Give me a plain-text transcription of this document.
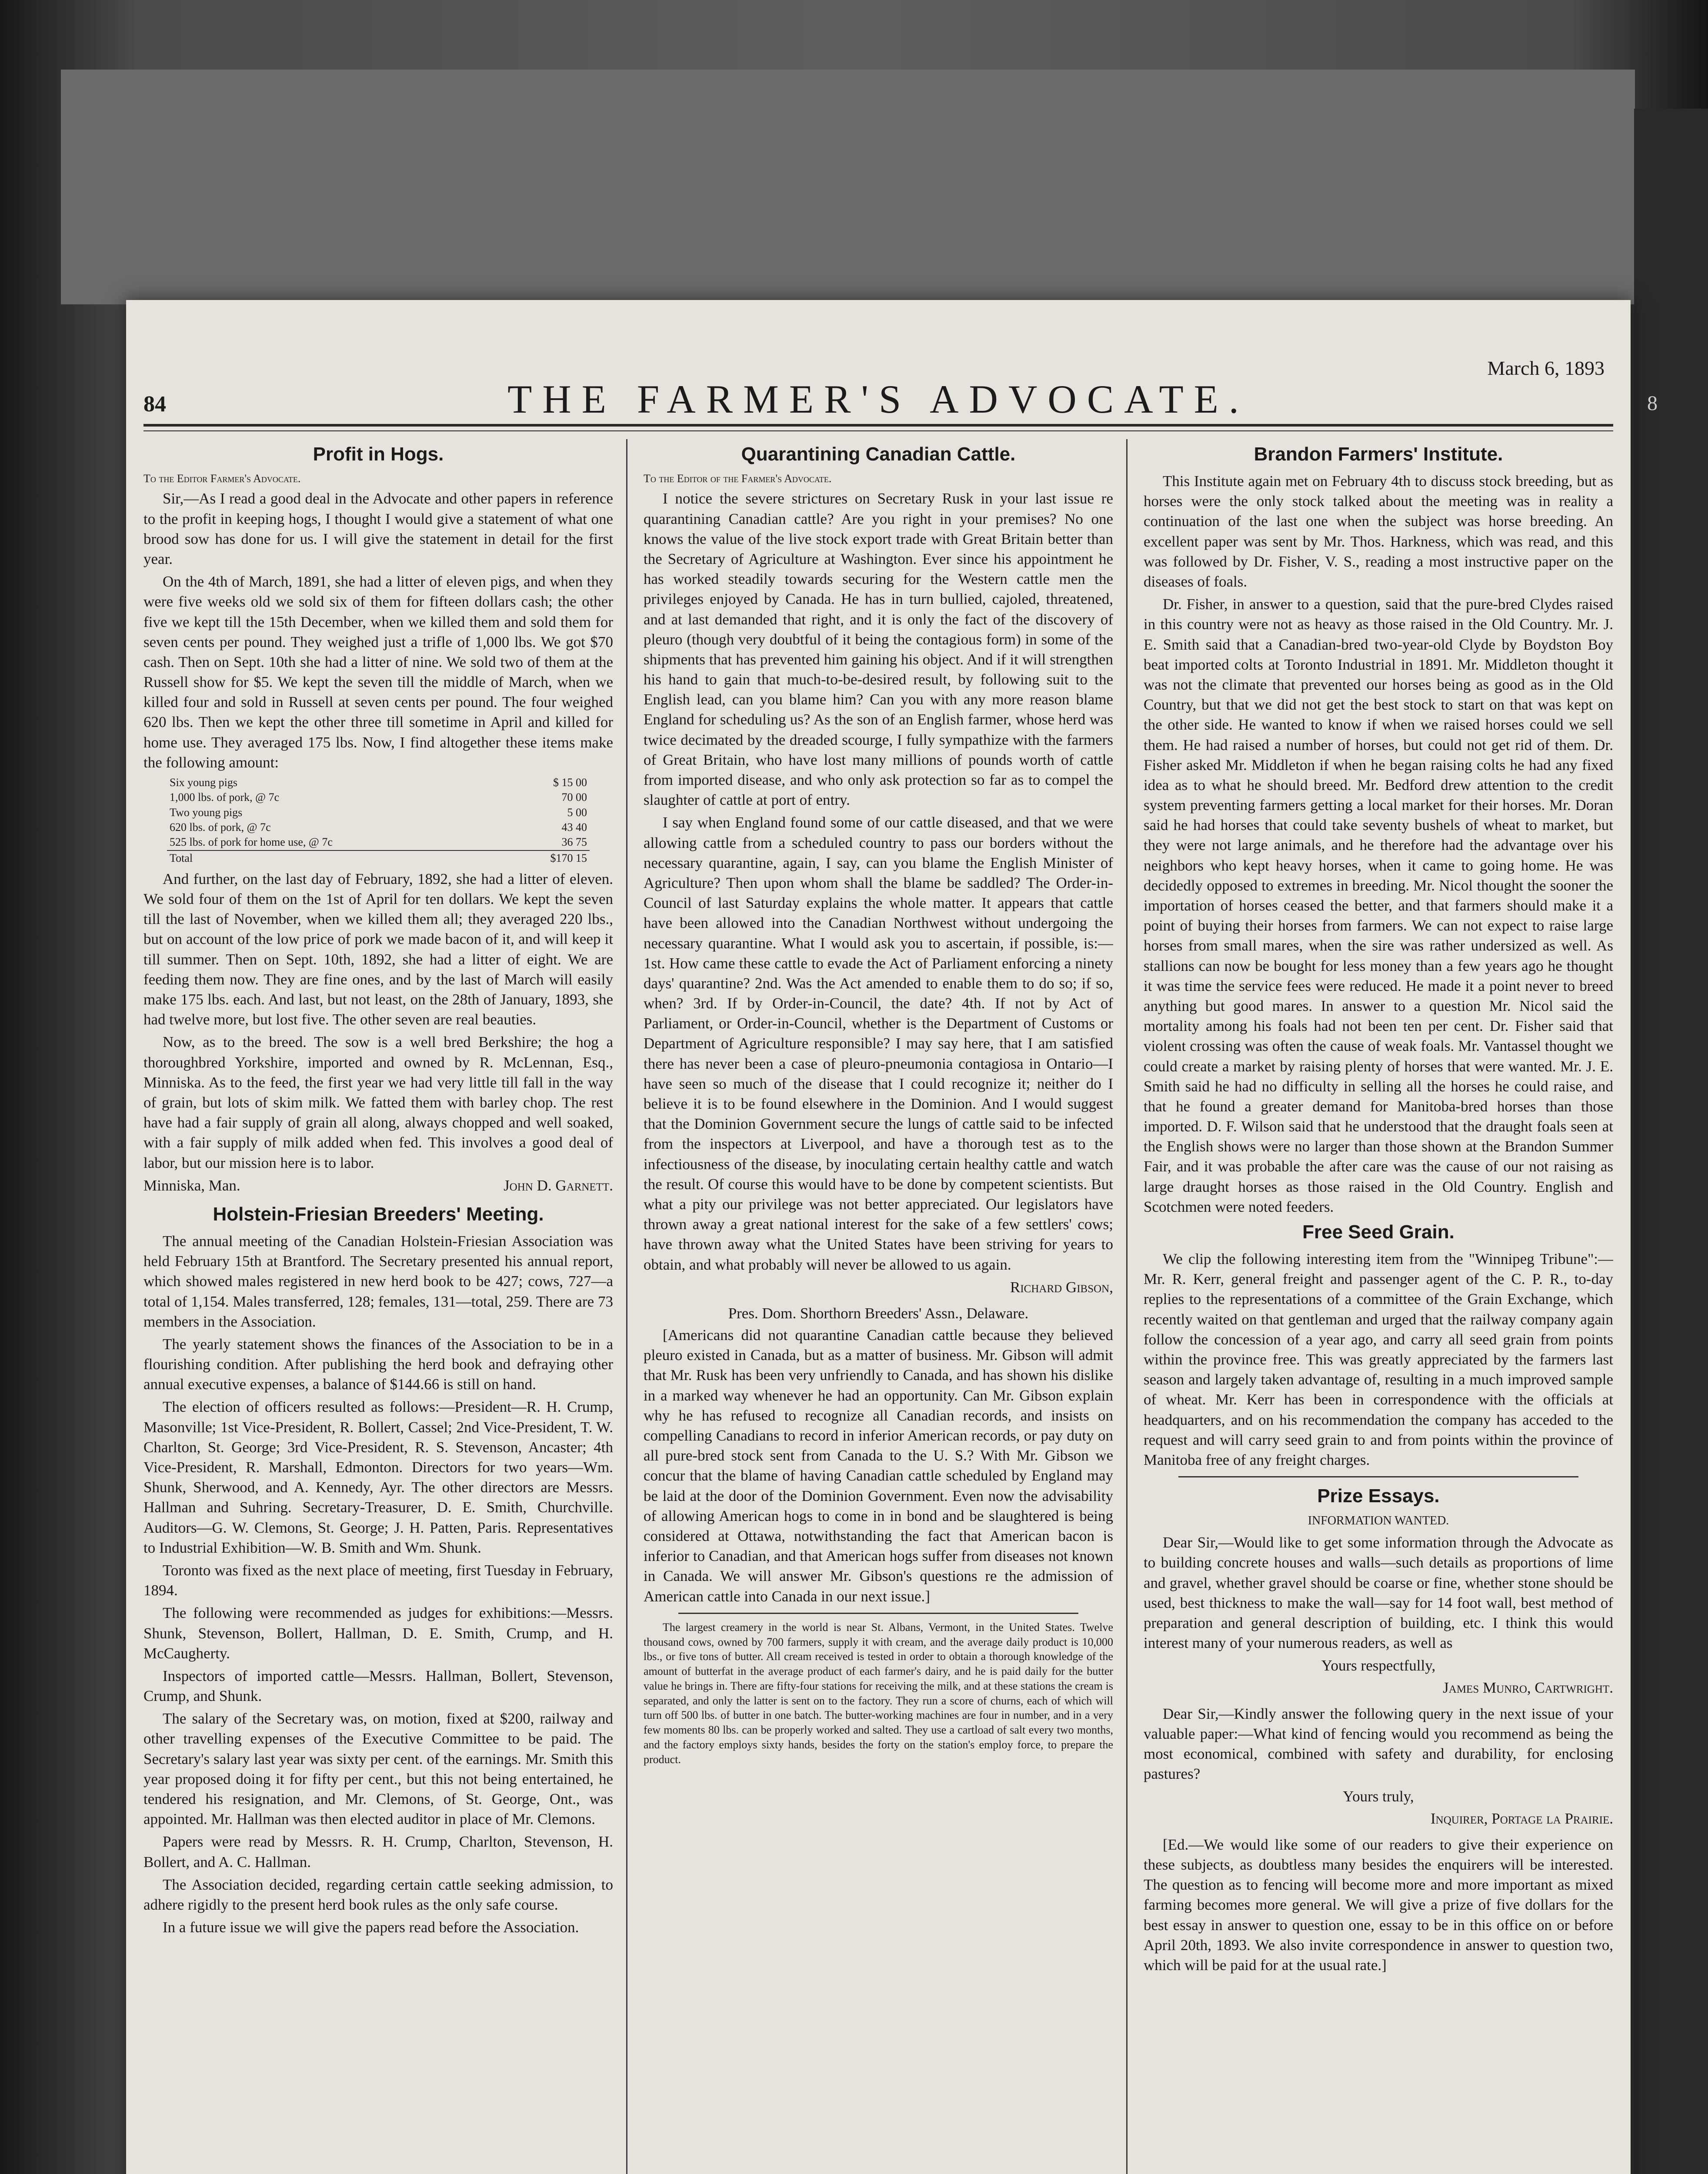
8
84	THE FARMER'S ADVOCATE.
March 6, 1893
Profit in Hogs.
To the Editor Farmer's Advocate.

Sir,—As I read a good deal in the Advocate and other papers in reference to the profit in keeping hogs, I thought I would give a statement of what one brood sow has done for us. I will give the statement in detail for the first year.

On the 4th of March, 1891, she had a litter of eleven pigs, and when they were five weeks old we sold six of them for fifteen dollars cash; the other five we kept till the 15th December, when we killed them and sold them for seven cents per pound. They weighed just a trifle of 1,000 lbs. We got $70 cash. Then on Sept. 10th she had a litter of nine. We sold two of them at the Russell show for $5. We kept the seven till the middle of March, when we killed four and sold in Russell at seven cents per pound. The four weighed 620 lbs. Then we kept the other three till sometime in April and killed for home use. They averaged 175 lbs. Now, I find altogether these items make the following amount:

Six young pigs	$ 15 00
1,000 lbs. of pork, @ 7c	70 00
Two young pigs	5 00
620 lbs. of pork, @ 7c	43 40
525 lbs. of pork for home use, @ 7c	36 75
Total	$170 15

And further, on the last day of February, 1892, she had a litter of eleven. We sold four of them on the 1st of April for ten dollars. We kept the seven till the last of November, when we killed them all; they averaged 220 lbs., but on account of the low price of pork we made bacon of it, and will keep it till summer. Then on Sept. 10th, 1892, she had a litter of eight. We are feeding them now. They are fine ones, and by the last of March will easily make 175 lbs. each. And last, but not least, on the 28th of January, 1893, she had twelve more, but lost five. The other seven are real beauties.

Now, as to the breed. The sow is a well bred Berkshire; the hog a thoroughbred Yorkshire, imported and owned by R. McLennan, Esq., Minniska. As to the feed, the first year we had very little till fall in the way of grain, but lots of skim milk. We fatted them with barley chop. The rest have had a fair supply of grain all along, always chopped and well soaked, with a fair supply of milk added when fed. This involves a good deal of labor, but our mission here is to labor.

Minniska, Man.	John D. Garnett.
Holstein-Friesian Breeders' Meeting.

The annual meeting of the Canadian Holstein-Friesian Association was held February 15th at Brantford. The Secretary presented his annual report, which showed males registered in new herd book to be 427; cows, 727—a total of 1,154. Males transferred, 128; females, 131—total, 259. There are 73 members in the Association.

The yearly statement shows the finances of the Association to be in a flourishing condition. After publishing the herd book and defraying other annual executive expenses, a balance of $144.66 is still on hand.

The election of officers resulted as follows:—President—R. H. Crump, Masonville; 1st Vice-President, R. Bollert, Cassel; 2nd Vice-President, T. W. Charlton, St. George; 3rd Vice-President, R. S. Stevenson, Ancaster; 4th Vice-President, R. Marshall, Edmonton. Directors for two years—Wm. Shunk, Sherwood, and A. Kennedy, Ayr. The other directors are Messrs. Hallman and Suhring. Secretary-Treasurer, D. E. Smith, Churchville. Auditors—G. W. Clemons, St. George; J. H. Patten, Paris. Representatives to Industrial Exhibition—W. B. Smith and Wm. Shunk.

Toronto was fixed as the next place of meeting, first Tuesday in February, 1894.

The following were recommended as judges for exhibitions:—Messrs. Shunk, Stevenson, Bollert, Hallman, D. E. Smith, Crump, and H. McCaugherty.

Inspectors of imported cattle—Messrs. Hallman, Bollert, Stevenson, Crump, and Shunk.

The salary of the Secretary was, on motion, fixed at $200, railway and other travelling expenses of the Executive Committee to be paid. The Secretary's salary last year was sixty per cent. of the earnings. Mr. Smith this year proposed doing it for fifty per cent., but this not being entertained, he tendered his resignation, and Mr. Clemons, of St. George, Ont., was appointed. Mr. Hallman was then elected auditor in place of Mr. Clemons.

Papers were read by Messrs. R. H. Crump, Charlton, Stevenson, H. Bollert, and A. C. Hallman.

The Association decided, regarding certain cattle seeking admission, to adhere rigidly to the present herd book rules as the only safe course.

In a future issue we will give the papers read before the Association.

Quarantining Canadian Cattle.
To the Editor of the Farmer's Advocate.

I notice the severe strictures on Secretary Rusk in your last issue re quarantining Canadian cattle? Are you right in your premises? No one knows the value of the live stock export trade with Great Britain better than the Secretary of Agriculture at Washington. Ever since his appointment he has worked steadily towards securing for the Western cattle men the privileges enjoyed by Canada. He has in turn bullied, cajoled, threatened, and at last demanded that right, and it is only the fact of the discovery of pleuro (though very doubtful of it being the contagious form) in some of the shipments that has prevented him gaining his object. And if it will strengthen his hand to gain that much-to-be-desired result, by following suit to the English lead, can you blame him? Can you with any more reason blame England for scheduling us? As the son of an English farmer, whose herd was twice decimated by the dreaded scourge, I fully sympathize with the farmers of Great Britain, who have lost many millions of pounds worth of cattle from imported disease, and who only ask protection so far as to compel the slaughter of cattle at port of entry.

I say when England found some of our cattle diseased, and that we were allowing cattle from a scheduled country to pass our borders without the necessary quarantine, again, I say, can you blame the English Minister of Agriculture? Then upon whom shall the blame be saddled? The Order-in-Council of last Saturday explains the whole matter. It appears that cattle have been allowed into the Canadian Northwest without undergoing the necessary quarantine. What I would ask you to ascertain, if possible, is:—1st. How came these cattle to evade the Act of Parliament enforcing a ninety days' quarantine? 2nd. Was the Act amended to enable them to do so; if so, when? 3rd. If by Order-in-Council, the date? 4th. If not by Act of Parliament, or Order-in-Council, whether is the Department of Customs or Department of Agriculture responsible? I may say here, that I am satisfied there has never been a case of pleuro-pneumonia contagiosa in Ontario—I have seen so much of the disease that I could recognize it; neither do I believe it is to be found elsewhere in the Dominion. And I would suggest that the Dominion Government secure the lungs of cattle said to be infected from the inspectors at Liverpool, and have a thorough test as to the infectiousness of the disease, by inoculating certain healthy cattle and watch the result. Of course this would have to be done by competent scientists. But what a pity our privilege was not better appreciated. Our legislators have thrown away a great national interest for the sake of a few settlers' cows; have thrown away what the United States have been striving for years to obtain, and what probably will never be allowed to us again.

Richard Gibson,
Pres. Dom. Shorthorn Breeders' Assn., Delaware.

[Americans did not quarantine Canadian cattle because they believed pleuro existed in Canada, but as a matter of business. Mr. Gibson will admit that Mr. Rusk has been very unfriendly to Canada, and has shown his dislike in a marked way whenever he had an opportunity. Can Mr. Gibson explain why he has refused to recognize all Canadian records, and insists on compelling Canadians to record in inferior American records, or pay duty on all pure-bred stock sent from Canada to the U. S.? With Mr. Gibson we concur that the blame of having Canadian cattle scheduled by England may be laid at the door of the Dominion Government. Even now the advisability of allowing American hogs to come in in bond and be slaughtered is being considered at Ottawa, notwithstanding the fact that American bacon is inferior to Canadian, and that American hogs suffer from diseases not known in Canada. We will answer Mr. Gibson's questions re the admission of American cattle into Canada in our next issue.]

The largest creamery in the world is near St. Albans, Vermont, in the United States. Twelve thousand cows, owned by 700 farmers, supply it with cream, and the average daily product is 10,000 lbs., or five tons of butter. All cream received is tested in order to obtain a thorough knowledge of the amount of butterfat in the average product of each farmer's dairy, and he is paid daily for the butter value he brings in. There are fifty-four stations for receiving the milk, and at these stations the cream is separated, and only the latter is sent on to the factory. They run a score of churns, each of which will turn off 500 lbs. of butter in one batch. The butter-working machines are four in number, and in a very few moments 80 lbs. can be properly worked and salted. They use a cartload of salt every two months, and the factory employs sixty hands, besides the forty on the station's employ force, to prepare the product.

Brandon Farmers' Institute.

This Institute again met on February 4th to discuss stock breeding, but as horses were the only stock talked about the meeting was in reality a continuation of the last one when the subject was horse breeding. An excellent paper was sent by Mr. Thos. Harkness, which was read, and this was followed by Dr. Fisher, V. S., reading a most instructive paper on the diseases of foals.

Dr. Fisher, in answer to a question, said that the pure-bred Clydes raised in this country were not as heavy as those raised in the Old Country. Mr. J. E. Smith said that a Canadian-bred two-year-old Clyde by Boydston Boy beat imported colts at Toronto Industrial in 1891. Mr. Middleton thought it was not the climate that prevented our horses being as good as in the Old Country, but that we did not get the best stock to start on that was kept on the other side. He wanted to know if when we raised horses could we sell them. He had raised a number of horses, but could not get rid of them. Dr. Fisher asked Mr. Middleton if when he began raising colts he had any fixed idea as to what he should breed. Mr. Bedford drew attention to the credit system preventing farmers getting a local market for their horses. Mr. Doran said he had horses that could take seventy bushels of wheat to market, but they were not large animals, and he therefore had the advantage over his neighbors who kept heavy horses, when it came to going home. He was decidedly opposed to extremes in breeding. Mr. Nicol thought the sooner the importation of horses ceased the better, and that farmers should make it a point of buying their horses from farmers. We can not expect to raise large horses from small mares, when the sire was rather undersized as well. As stallions can now be bought for less money than a few years ago he thought it was time the service fees were reduced. He made it a point never to breed anything but good mares. In answer to a question Mr. Nicol said the mortality among his foals had not been ten per cent. Dr. Fisher said that violent crossing was often the cause of weak foals. Mr. Vantassel thought we could create a market by raising plenty of horses that were wanted. Mr. J. E. Smith said he had no difficulty in selling all the horses he could raise, and that he found a greater demand for Manitoba-bred horses than those imported. D. F. Wilson said that he understood that the draught foals seen at the English shows were no larger than those shown at the Brandon Summer Fair, and it was probable the after care was the cause of our not raising as large draught horses as those raised in the Old Country. English and Scotchmen were noted feeders.

Free Seed Grain.

We clip the following interesting item from the "Winnipeg Tribune":—Mr. R. Kerr, general freight and passenger agent of the C. P. R., to-day replies to the representations of a committee of the Grain Exchange, which recently waited on that gentleman and urged that the railway company again follow the concession of a year ago, and carry all seed grain from points within the province free. This was greatly appreciated by the farmers last season and largely taken advantage of, resulting in a much improved sample of wheat. Mr. Kerr has been in correspondence with the officials at headquarters, and on his recommendation the company has acceded to the request and will carry seed grain to and from points within the province of Manitoba free of any freight charges.

Prize Essays.
INFORMATION WANTED.

Dear Sir,—Would like to get some information through the Advocate as to building concrete houses and walls—such details as proportions of lime and gravel, whether gravel should be coarse or fine, whether stone should be used, best thickness to make the wall—say for 14 foot wall, best method of preparation and general description of building, etc. I think this would interest many of your numerous readers, as well as

Yours respectfully,
James Munro, Cartwright.

Dear Sir,—Kindly answer the following query in the next issue of your valuable paper:—What kind of fencing would you recommend as being the most economical, combined with safety and durability, for enclosing pastures?

Yours truly,
Inquirer, Portage la Prairie.

[Ed.—We would like some of our readers to give their experience on these subjects, as doubtless many besides the enquirers will be interested. The question as to fencing will become more and more important as mixed farming becomes more general. We will give a prize of five dollars for the best essay in answer to question one, essay to be in this office on or before April 20th, 1893. We also invite correspondence in answer to question two, which will be paid for at the usual rate.]
